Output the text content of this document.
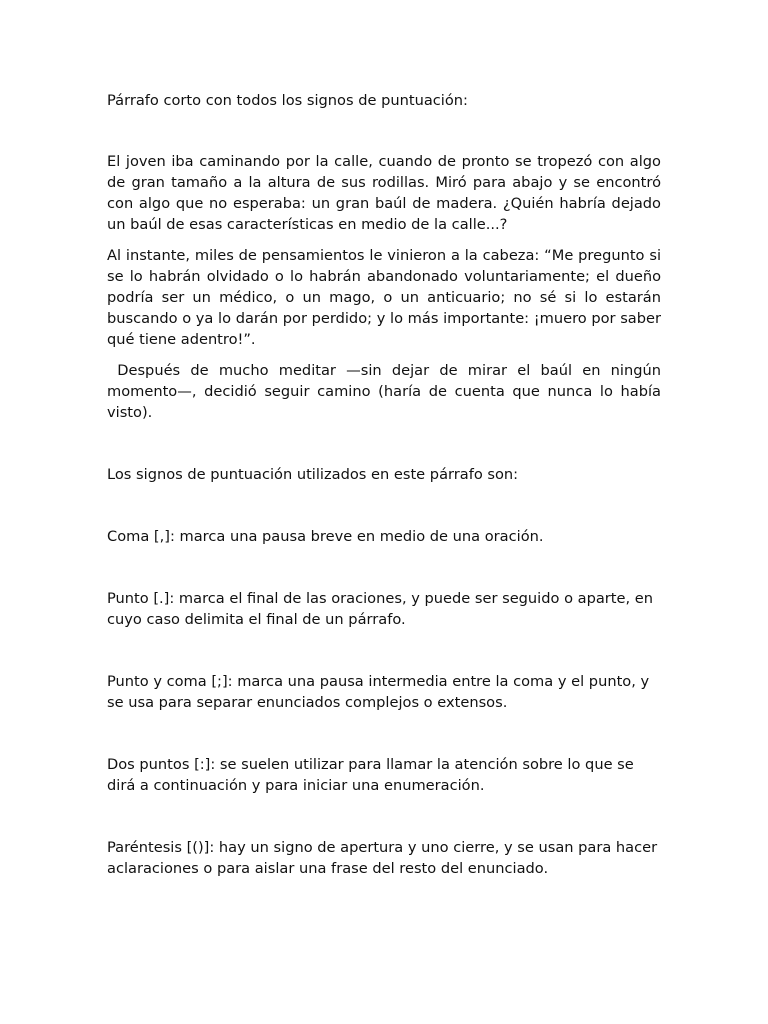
Párrafo corto con todos los signos de puntuación:

El joven iba caminando por la calle, cuando de pronto se tropezó con algo de gran tamaño a la altura de sus rodillas. Miró para abajo y se encontró con algo que no esperaba: un gran baúl de madera. ¿Quién habría dejado un baúl de esas características en medio de la calle...?

Al instante, miles de pensamientos le vinieron a la cabeza: “Me pregunto si se lo habrán olvidado o lo habrán abandonado voluntariamente; el dueño podría ser un médico, o un mago, o un anticuario; no sé si lo estarán buscando o ya lo darán por perdido; y lo más importante: ¡muero por saber qué tiene adentro!”.

Después de mucho meditar —sin dejar de mirar el baúl en ningún momento—, decidió seguir camino (haría de cuenta que nunca lo había visto).

Los signos de puntuación utilizados en este párrafo son:

Coma [,]: marca una pausa breve en medio de una oración.

Punto [.]: marca el final de las oraciones, y puede ser seguido o aparte, en cuyo caso delimita el final de un párrafo.

Punto y coma [;]: marca una pausa intermedia entre la coma y el punto, y se usa para separar enunciados complejos o extensos.

Dos puntos [:]: se suelen utilizar para llamar la atención sobre lo que se dirá a continuación y para iniciar una enumeración.

Paréntesis [()]: hay un signo de apertura y uno cierre, y se usan para hacer aclaraciones o para aislar una frase del resto del enunciado.
